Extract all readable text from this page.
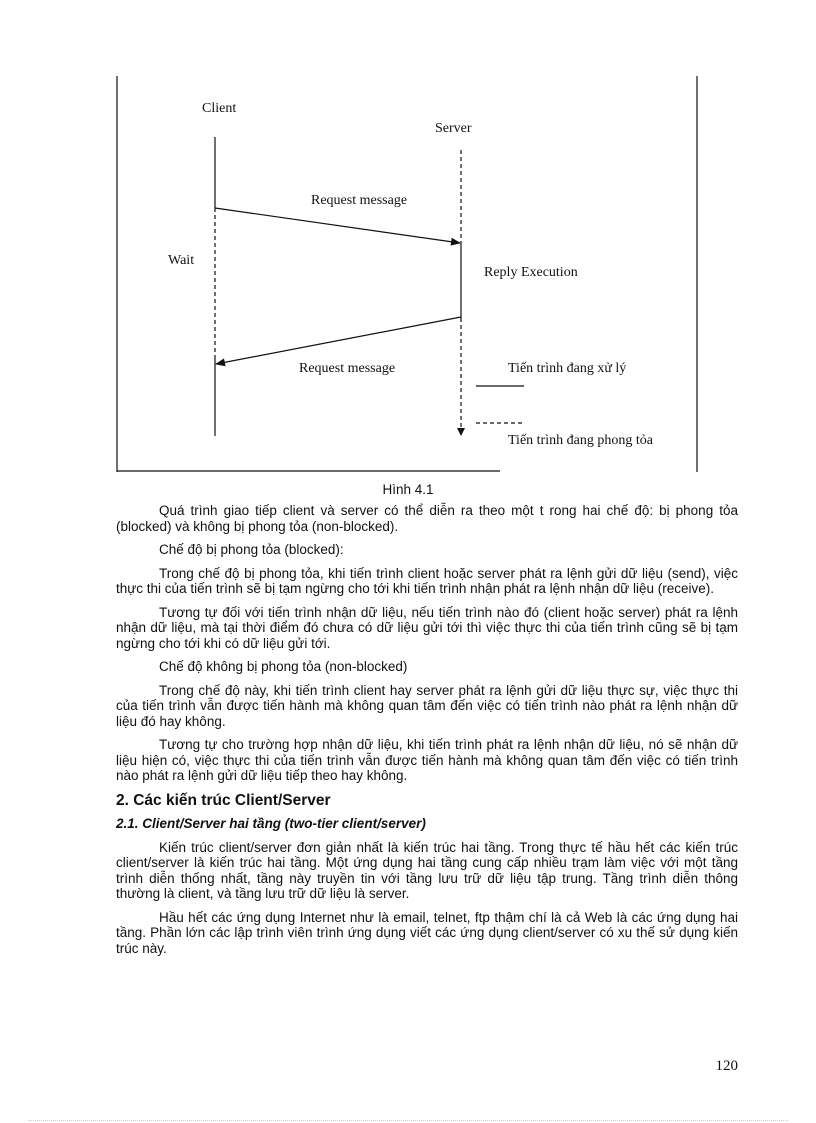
Client
Server
Request message
Wait
Reply Execution
Request message	Tiến trình đang xử lý
Tiến trình đang phong tỏa
Hình 4.1

Quá trình giao tiếp client và server có thể diễn ra theo một t rong hai chế độ: bị phong tỏa (blocked) và không bị phong tỏa (non-blocked).

Chế độ bị phong tỏa (blocked):

Trong chế độ bị phong tỏa, khi tiến trình client hoặc server phát ra lệnh gửi dữ liệu (send), việc thực thi của tiến trình sẽ bị tạm ngừng cho tới khi tiến trình nhận phát ra lệnh nhận dữ liệu (receive).

Tương tự đối với tiến trình nhận dữ liệu, nếu tiến trình nào đó (client hoặc server) phát ra lệnh nhận dữ liệu, mà tại thời điểm đó chưa có dữ liệu gửi tới thì việc thực thi của tiến trình cũng sẽ bị tạm ngừng cho tới khi có dữ liệu gửi tới.

Chế độ không bị phong tỏa (non-blocked)

Trong chế độ này, khi tiến trình client hay server phát ra lệnh gửi dữ liệu thực sự, việc thực thi của tiến trình vẫn được tiến hành mà không quan tâm đến việc có tiến trình nào phát ra lệnh nhận dữ liệu đó hay không.

Tương tự cho trường hợp nhận dữ liệu, khi tiến trình phát ra lệnh nhận dữ liệu, nó sẽ nhận dữ liệu hiện có, việc thực thi của tiến trình vẫn được tiến hành mà không quan tâm đến việc có tiến trình nào phát ra lệnh gửi dữ liệu tiếp theo hay không.

2. Các kiến trúc Client/Server
2.1. Client/Server hai tầng (two-tier client/server)

Kiến trúc client/server đơn giản nhất là kiến trúc hai tầng. Trong thực tế hầu hết các kiến trúc client/server là kiến trúc hai tầng. Một ứng dụng hai tầng cung cấp nhiều trạm làm việc với một tầng trình diễn thống nhất, tầng này truyền tin với tầng lưu trữ dữ liệu tập trung. Tầng trình diễn thông thường là client, và tầng lưu trữ dữ liệu là server.

Hầu hết các ứng dụng Internet như là email, telnet, ftp thậm chí là cả Web là các ứng dụng hai tầng. Phần lớn các lập trình viên trình ứng dụng viết các ứng dụng client/server có xu thế sử dụng kiến trúc này.

120
